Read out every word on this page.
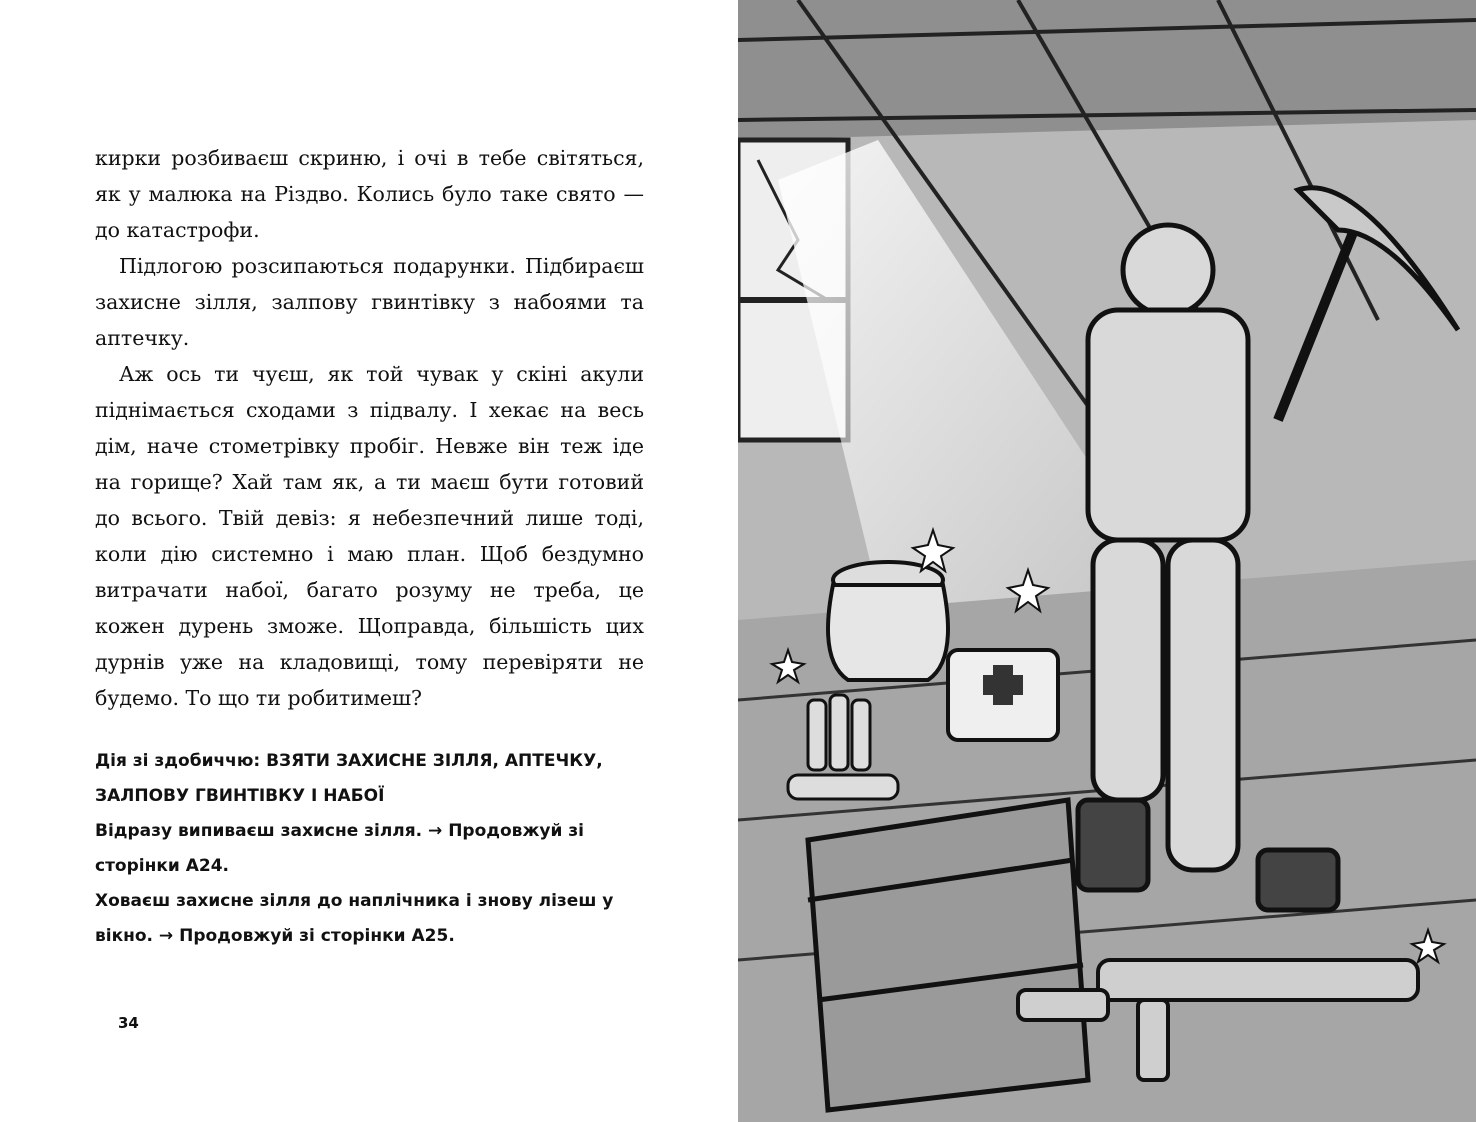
кирки розбиваєш скриню, і очі в тебе світяться, як у малюка на Різдво. Колись було таке свято — до катастрофи.

Підлогою розсипаються подарунки. Підбираєш захисне зілля, залпову гвинтівку з набоями та аптечку.

Аж ось ти чуєш, як той чувак у скіні акули піднімається сходами з підвалу. І хекає на весь дім, наче стометрівку пробіг. Невже він теж іде на горище? Хай там як, а ти маєш бути готовий до всього. Твій девіз: я небезпечний лише тоді, коли дію системно і маю план. Щоб бездумно витрачати набої, багато розуму не треба, це кожен дурень зможе. Щоправда, більшість цих дурнів уже на кладовищі, тому перевіряти не будемо. То що ти робитимеш?

Дія зі здобиччю: ВЗЯТИ ЗАХИСНЕ ЗІЛЛЯ, АПТЕЧКУ, ЗАЛПОВУ ГВИНТІВКУ І НАБОЇ

Відразу випиваєш захисне зілля. → Продовжуй зі сторінки А24.

Ховаєш захисне зілля до наплічника і знову лізеш у вікно. → Продовжуй зі сторінки А25.

34
